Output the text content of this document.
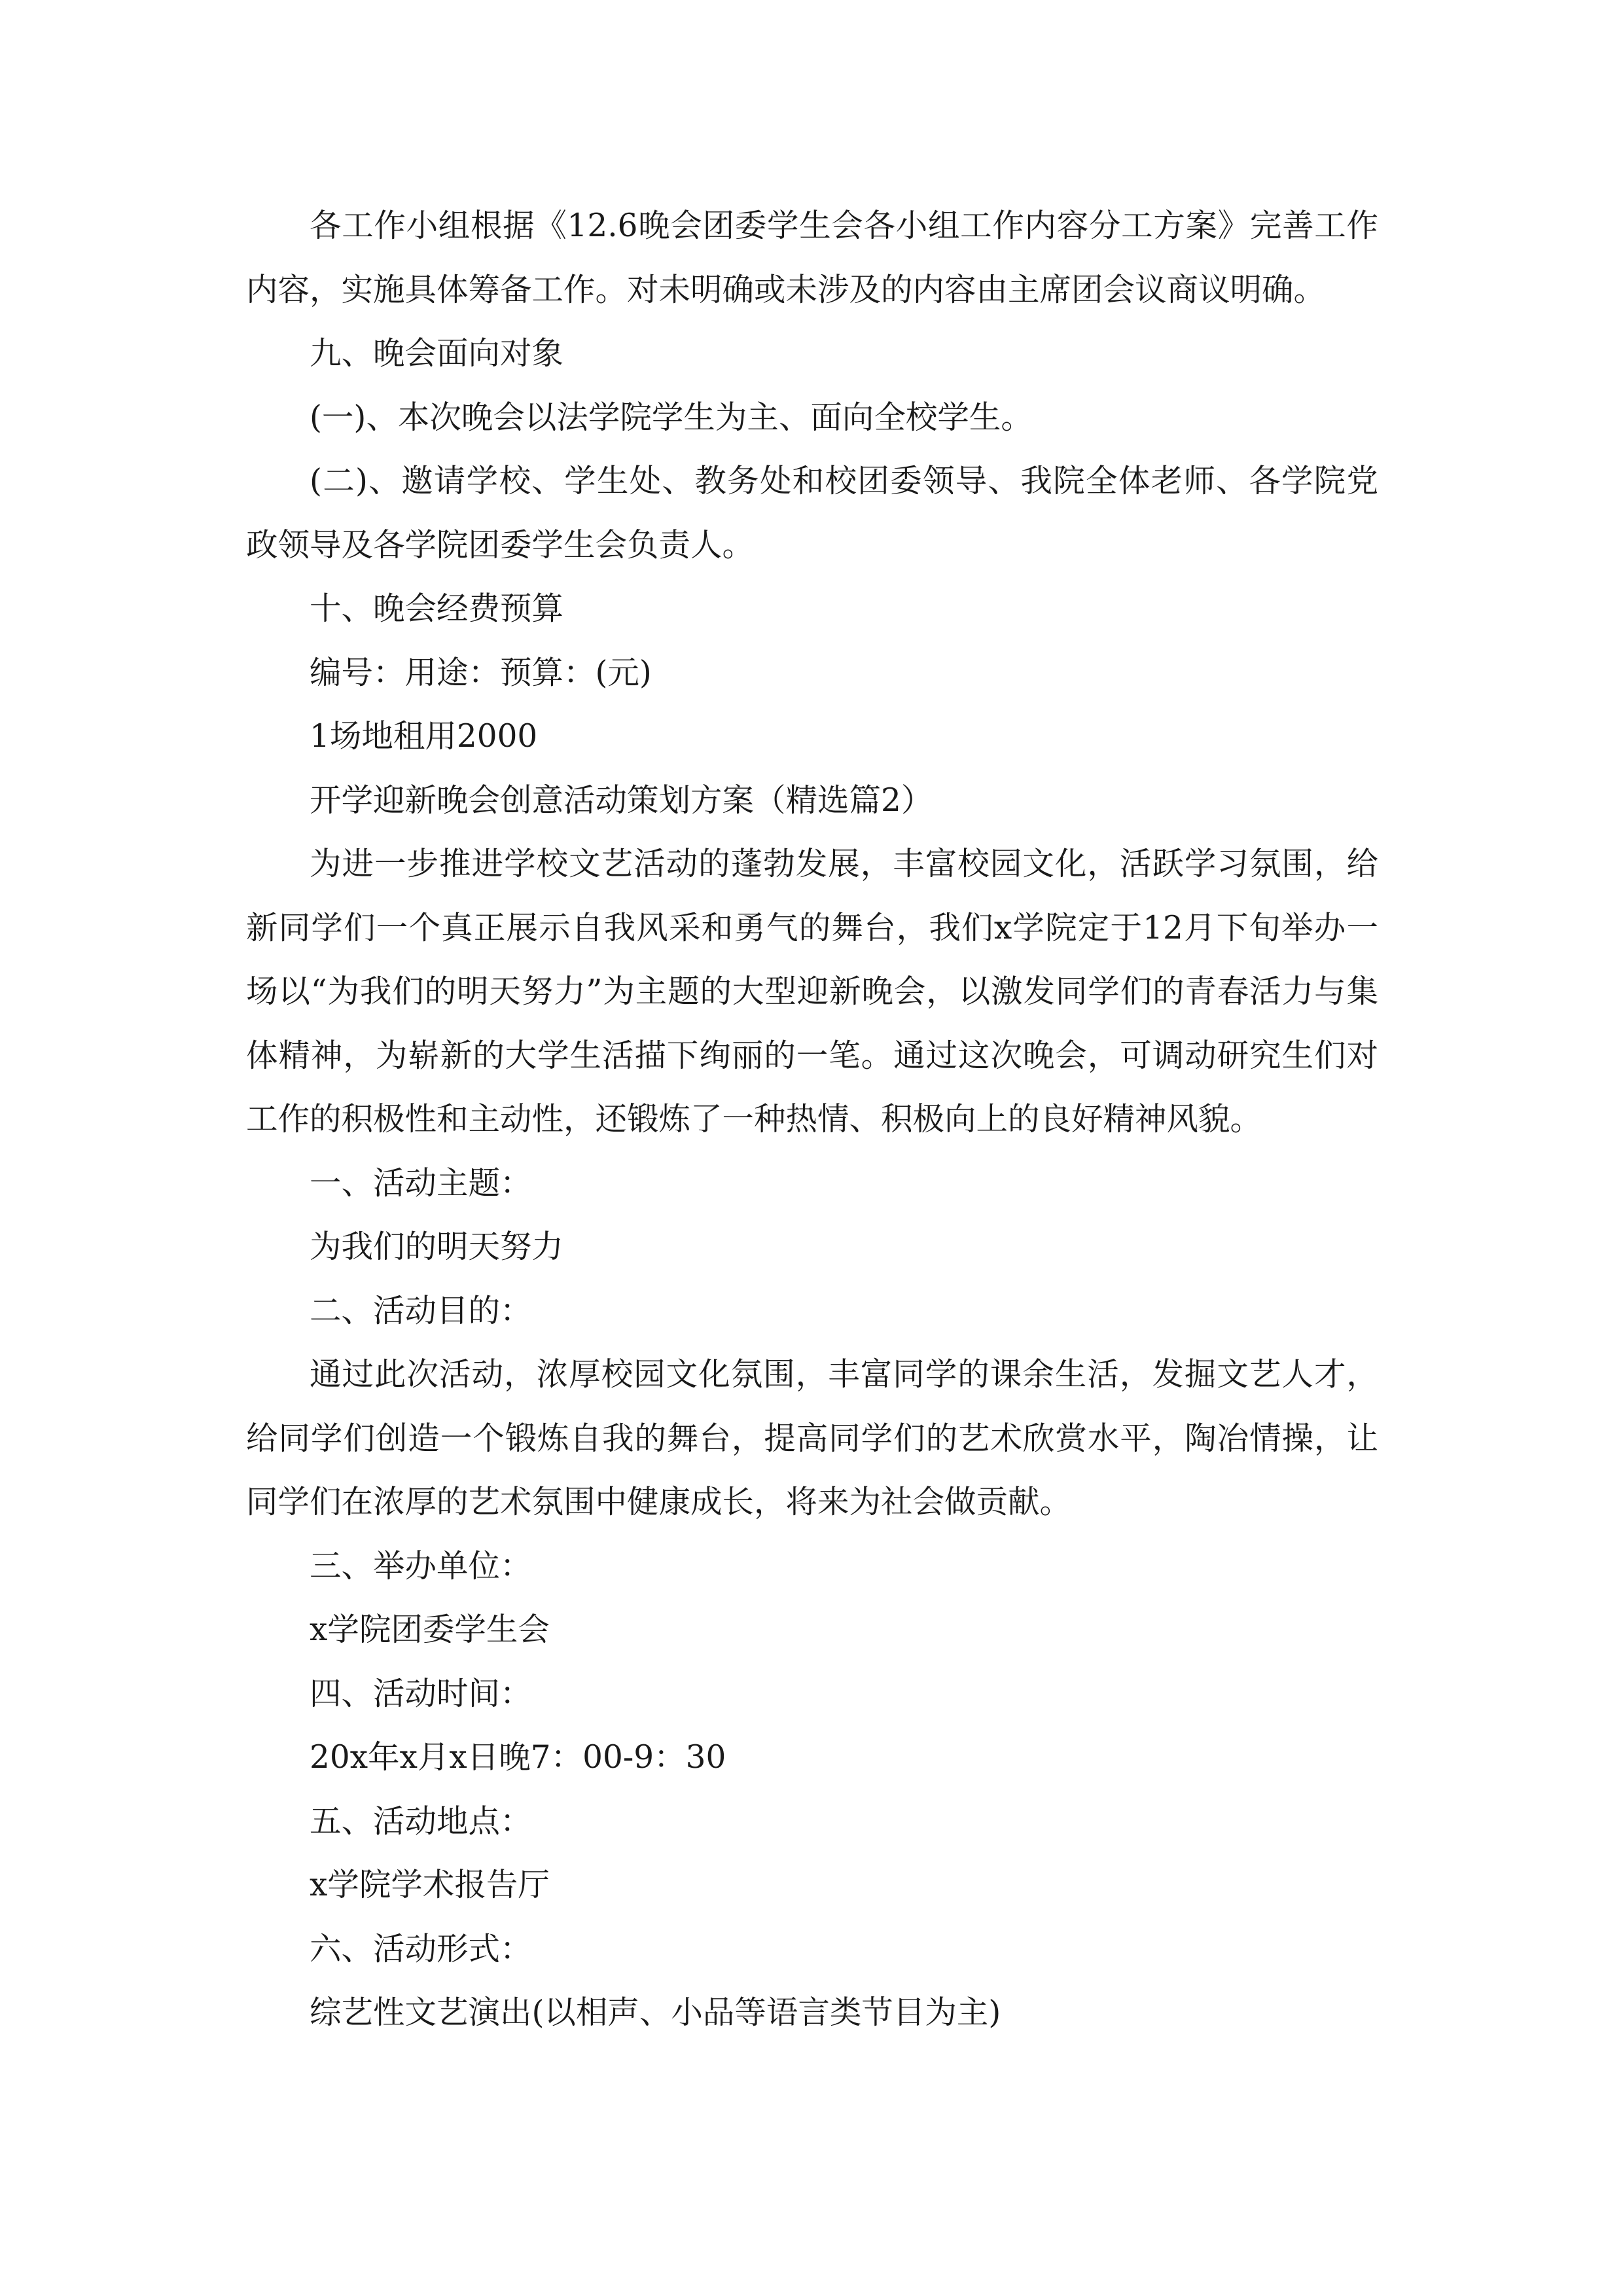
各工作小组根据《12.6晚会团委学生会各小组工作内容分工方案》完善工作内容，实施具体筹备工作。对未明确或未涉及的内容由主席团会议商议明确。

九、晚会面向对象

(一)、本次晚会以法学院学生为主、面向全校学生。

(二)、邀请学校、学生处、教务处和校团委领导、我院全体老师、各学院党政领导及各学院团委学生会负责人。

十、晚会经费预算

编号：用途：预算：(元)

1场地租用2000

开学迎新晚会创意活动策划方案（精选篇2）

为进一步推进学校文艺活动的蓬勃发展，丰富校园文化，活跃学习氛围，给新同学们一个真正展示自我风采和勇气的舞台，我们x学院定于12月下旬举办一场以“为我们的明天努力”为主题的大型迎新晚会，以激发同学们的青春活力与集体精神，为崭新的大学生活描下绚丽的一笔。通过这次晚会，可调动研究生们对工作的积极性和主动性，还锻炼了一种热情、积极向上的良好精神风貌。

一、活动主题：

为我们的明天努力

二、活动目的：

通过此次活动，浓厚校园文化氛围，丰富同学的课余生活，发掘文艺人才，给同学们创造一个锻炼自我的舞台，提高同学们的艺术欣赏水平，陶冶情操，让同学们在浓厚的艺术氛围中健康成长，将来为社会做贡献。

三、举办单位：

x学院团委学生会

四、活动时间：

20x年x月x日晚7：00-9：30

五、活动地点：

x学院学术报告厅

六、活动形式：

综艺性文艺演出(以相声、小品等语言类节目为主)
